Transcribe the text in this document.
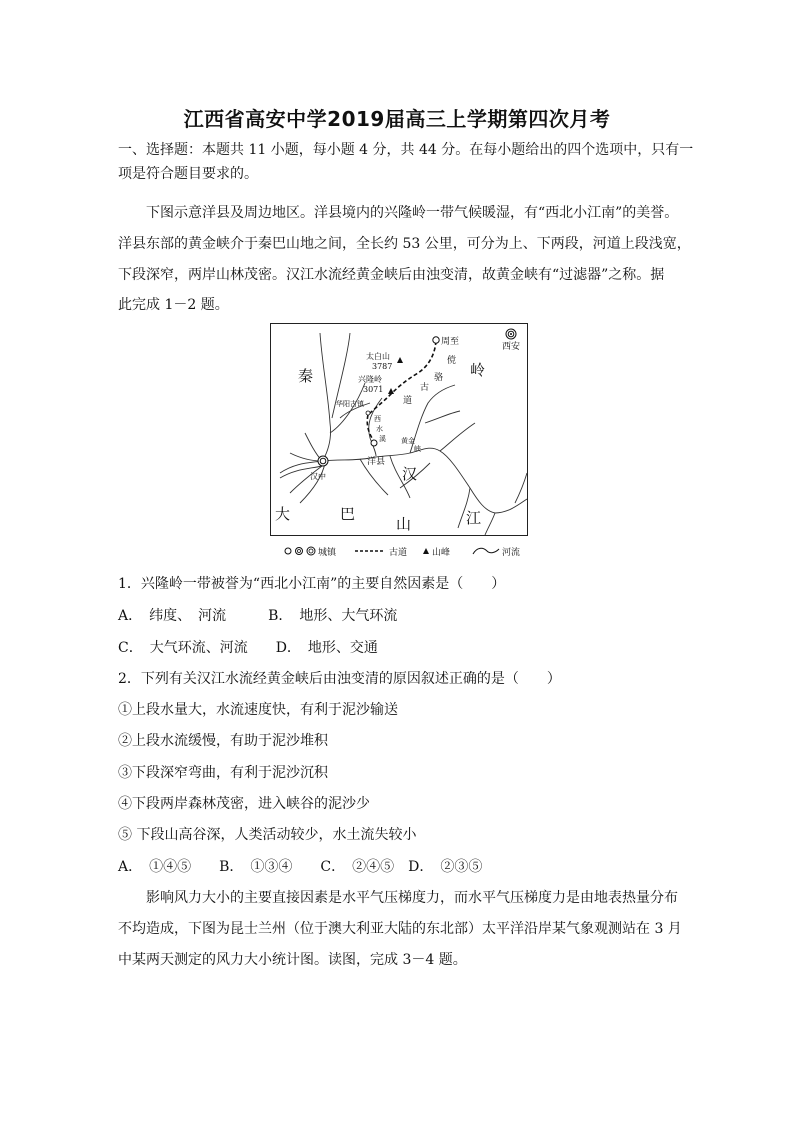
江西省高安中学2019届高三上学期第四次月考
一、选择题：本题共 11 小题，每小题 4 分，共 44 分。在每小题给出的四个选项中，只有一
项是符合题目要求的。
下图示意洋县及周边地区。洋县境内的兴隆岭一带气候暖湿，有“西北小江南”的美誉。
洋县东部的黄金峡介于秦巴山地之间，全长约 53 公里，可分为上、下两段，河道上段浅宽，
下段深窄，两岸山林茂密。汉江水流经黄金峡后由浊变清，故黄金峡有“过滤器”之称。据
此完成 1－2 题。
秦	岭
大	巴
山
汉
江
周至	西安
太白山
3787
兴隆岭
3071
华阳古镇
洋县
汉中
黄金
峡
傥
骆
古
道
西
水
溪
城镇	古道	山峰	河流
1．兴隆岭一带被誉为“西北小江南”的主要自然因素是（　　）
A．　纬度、　河流　　　B．　地形、大气环流
C．　大气环流、河流　　D．　地形、交通
2．下列有关汉江水流经黄金峡后由浊变清的原因叙述正确的是（　　）
①上段水量大，水流速度快，有利于泥沙输送
②上段水流缓慢，有助于泥沙堆积
③下段深窄弯曲，有利于泥沙沉积
④下段两岸森林茂密，进入峡谷的泥沙少
⑤ 下段山高谷深，人类活动较少，水土流失较小
A．　①④⑤　　B．　①③④　　C．　②④⑤　D．　②③⑤
影响风力大小的主要直接因素是水平气压梯度力，而水平气压梯度力是由地表热量分布
不均造成，下图为昆士兰州（位于澳大利亚大陆的东北部）太平洋沿岸某气象观测站在 3 月
中某两天测定的风力大小统计图。读图，完成 3－4 题。
